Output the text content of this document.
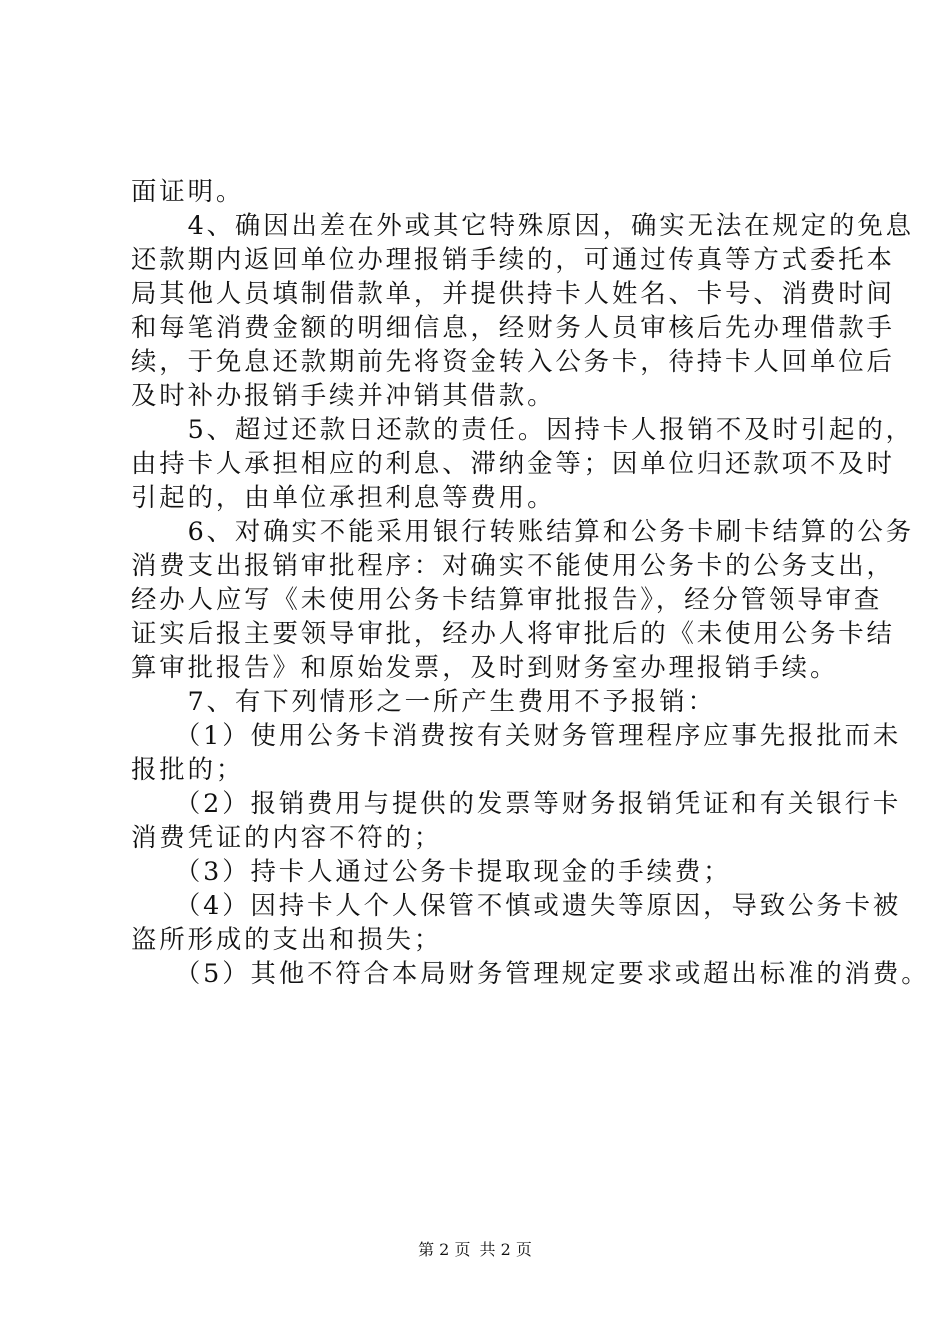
面证明。
　　4、确因出差在外或其它特殊原因，确实无法在规定的免息
还款期内返回单位办理报销手续的，可通过传真等方式委托本
局其他人员填制借款单，并提供持卡人姓名、卡号、消费时间
和每笔消费金额的明细信息，经财务人员审核后先办理借款手
续，于免息还款期前先将资金转入公务卡，待持卡人回单位后
及时补办报销手续并冲销其借款。
　　5、超过还款日还款的责任。因持卡人报销不及时引起的，
由持卡人承担相应的利息、滞纳金等；因单位归还款项不及时
引起的，由单位承担利息等费用。
　　6、对确实不能采用银行转账结算和公务卡刷卡结算的公务
消费支出报销审批程序：对确实不能使用公务卡的公务支出，
经办人应写《未使用公务卡结算审批报告》，经分管领导审查
证实后报主要领导审批，经办人将审批后的《未使用公务卡结
算审批报告》和原始发票，及时到财务室办理报销手续。
　　7、有下列情形之一所产生费用不予报销：
　　（1）使用公务卡消费按有关财务管理程序应事先报批而未
报批的；
　　（2）报销费用与提供的发票等财务报销凭证和有关银行卡
消费凭证的内容不符的；
　　（3）持卡人通过公务卡提取现金的手续费；
　　（4）因持卡人个人保管不慎或遗失等原因，导致公务卡被
盗所形成的支出和损失；
　　（5）其他不符合本局财务管理规定要求或超出标准的消费。
第 2 页 共 2 页
